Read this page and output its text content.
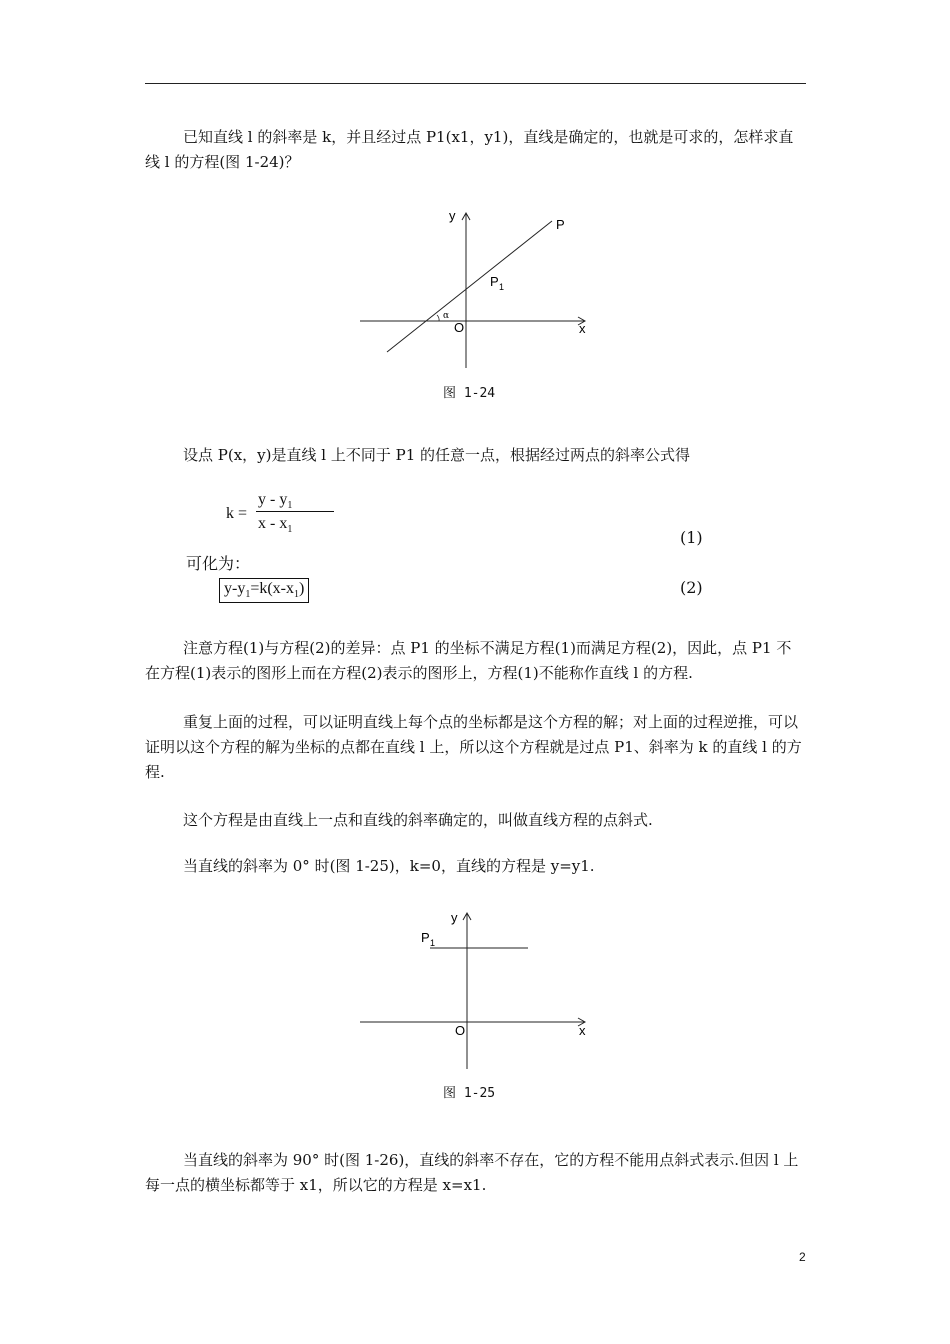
已知直线 l 的斜率是 k，并且经过点 P1(x1，y1)，直线是确定的，也就是可求的，怎样求直线 l 的方程(图 1-24)？

y
x
O
P
P 1
α
图 1-24

设点 P(x，y)是直线 l 上不同于 P1 的任意一点，根据经过两点的斜率公式得

k =
y - $y_1$
x - $x_1$	(1)
可化为：
$y-y_1=k(x-x_1)$	(2)

注意方程(1)与方程(2)的差异：点 P1 的坐标不满足方程(1)而满足方程(2)，因此，点 P1 不在方程(1)表示的图形上而在方程(2)表示的图形上，方程(1)不能称作直线 l 的方程.

重复上面的过程，可以证明直线上每个点的坐标都是这个方程的解；对上面的过程逆推，可以证明以这个方程的解为坐标的点都在直线 l 上，所以这个方程就是过点 P1、斜率为 k 的直线 l 的方程.

这个方程是由直线上一点和直线的斜率确定的，叫做直线方程的点斜式.

当直线的斜率为 0° 时(图 1-25)，k=0，直线的方程是 y=y1.

y
x
O
P 1
图 1-25

当直线的斜率为 90° 时(图 1-26)，直线的斜率不存在，它的方程不能用点斜式表示.但因 l 上每一点的横坐标都等于 x1，所以它的方程是 x=x1.

2
